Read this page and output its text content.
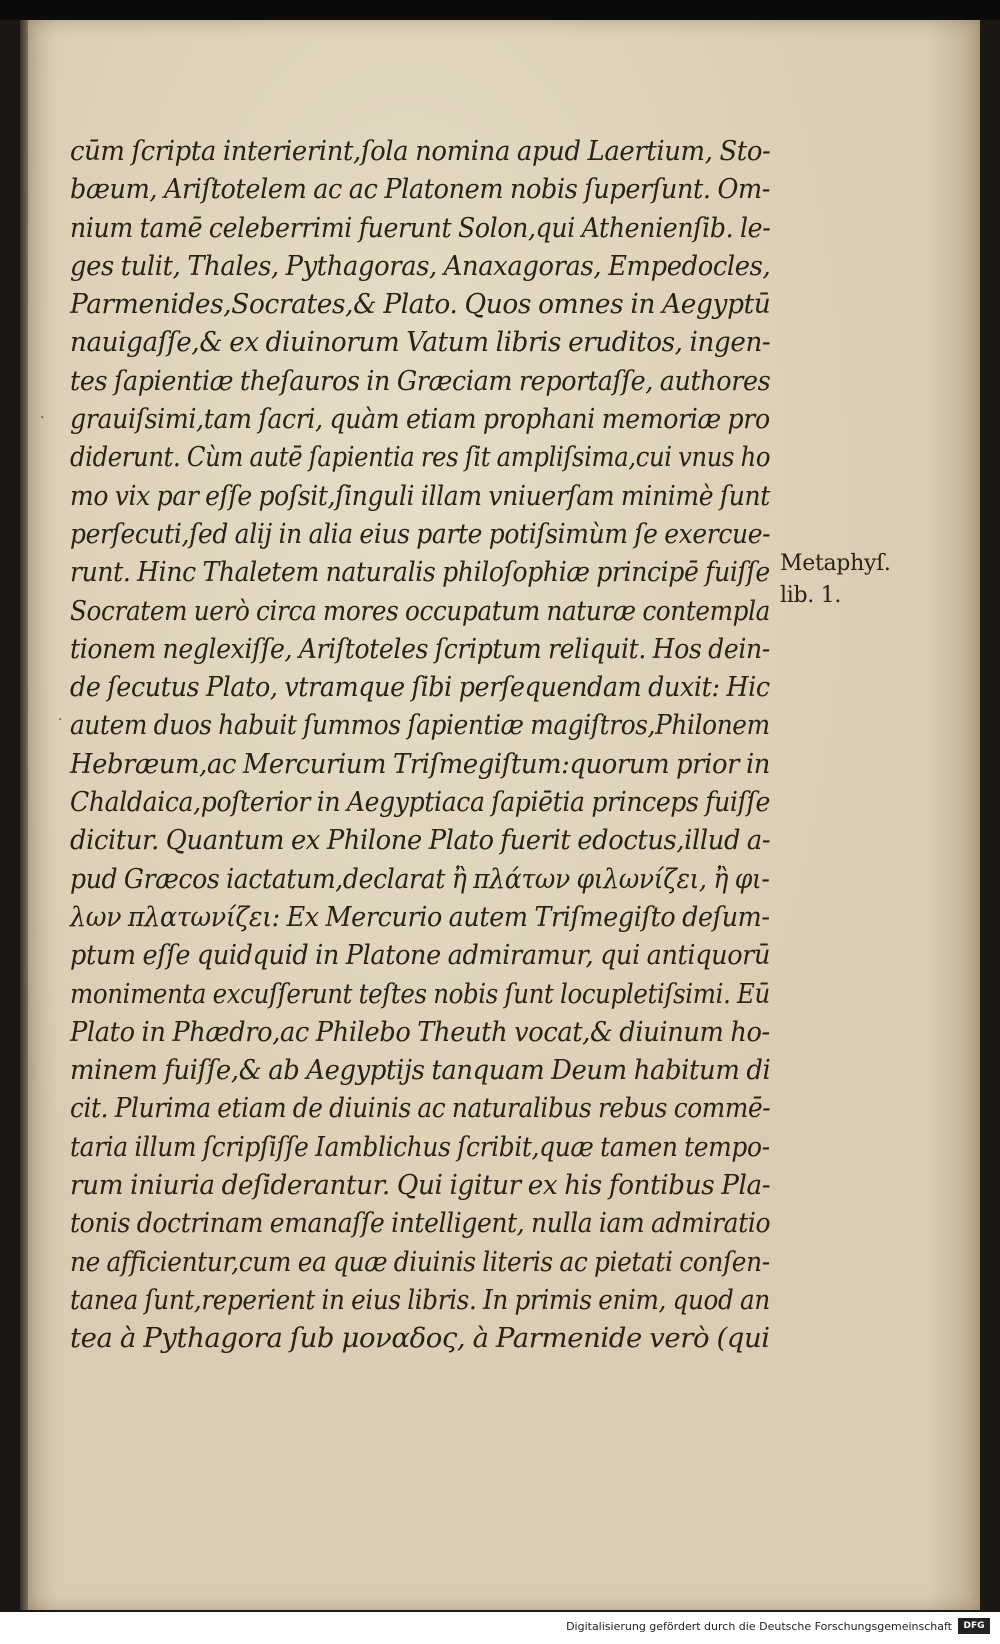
cūm ſcripta interierint,ſola nomina apud Laertium, Sto-
bæum, Ariſtotelem ac ac Platonem nobis ſuperſunt. Om-
nium tamē celeberrimi fuerunt Solon,qui Athenienſib. le-
ges tulit, Thales, Pythagoras, Anaxagoras, Empedocles,
Parmenides,Socrates,& Plato. Quos omnes in Aegyptū
nauigaſſe,& ex diuinorum Vatum libris eruditos, ingen-
tes ſapientiæ theſauros in Græciam reportaſſe, authores
grauiſsimi,tam ſacri, quàm etiam prophani memoriæ pro
diderunt. Cùm autē ſapientia res ſit ampliſsima,cui vnus ho
mo vix par eſſe poſsit,ſinguli illam vniuerſam minimè ſunt
perſecuti,ſed alij in alia eius parte potiſsimùm ſe exercue-
runt. Hinc Thaletem naturalis philoſophiæ principē fuiſſe
Socratem uerò circa mores occupatum naturæ contempla
tionem neglexiſſe, Ariſtoteles ſcriptum reliquit. Hos dein-
de ſecutus Plato, vtramque ſibi perſequendam duxit: Hic
autem duos habuit ſummos ſapientiæ magiſtros,Philonem
Hebræum,ac Mercurium Triſmegiſtum:quorum prior in
Chaldaica,poſterior in Aegyptiaca ſapiētia princeps fuiſſe
dicitur. Quantum ex Philone Plato fuerit edoctus,illud a-
pud Græcos iactatum,declarat ἢ πλάτων φιλωνίζει, ἢ φι-
λων πλατωνίζει: Ex Mercurio autem Triſmegiſto deſum-
ptum eſſe quidquid in Platone admiramur, qui antiquorū
monimenta excuſſerunt teſtes nobis ſunt locupletiſsimi. Eū
Plato in Phædro,ac Philebo Theuth vocat,& diuinum ho-
minem fuiſſe,& ab Aegyptijs tanquam Deum habitum di
cit. Plurima etiam de diuinis ac naturalibus rebus commē-
taria illum ſcripſiſſe Iamblichus ſcribit,quæ tamen tempo-
rum iniuria deſiderantur. Qui igitur ex his fontibus Pla-
tonis doctrinam emanaſſe intelligent, nulla iam admiratio
ne afficientur,cum ea quæ diuinis literis ac pietati conſen-
tanea ſunt,reperient in eius libris. In primis enim, quod an
tea à Pythagora ſub μοναδος, à Parmenide verò (qui
·
·
Metaphyſ.
lib. 1.
Digitalisierung gefördert durch die Deutsche Forschungsgemeinschaft	DFG
